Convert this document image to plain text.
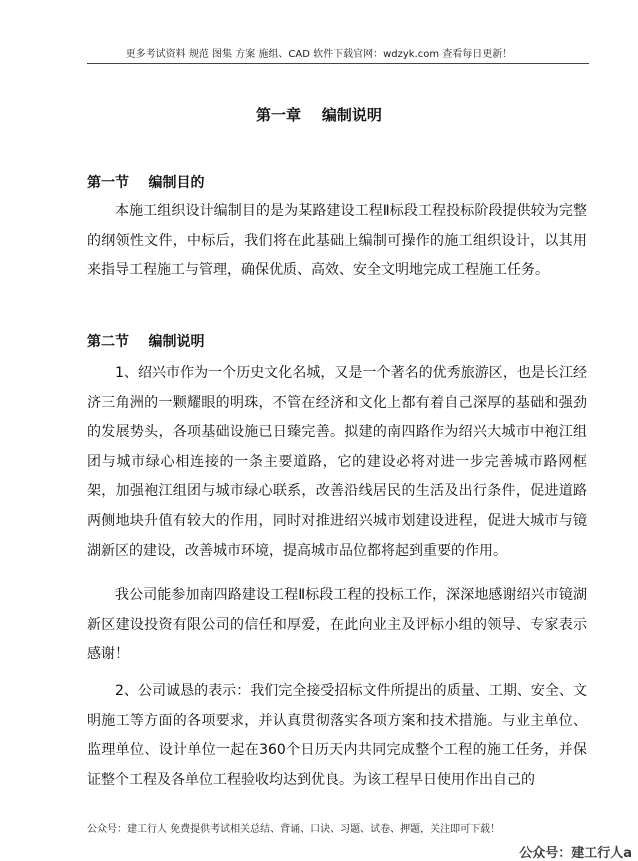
更多考试资料 规范 图集 方案 施组、CAD 软件下载官网：wdzyk.com 查看每日更新！
第一章    编制说明
第一节    编制目的

本施工组织设计编制目的是为某路建设工程Ⅱ标段工程投标阶段提供较为完整的纲领性文件，中标后，我们将在此基础上编制可操作的施工组织设计，以其用来指导工程施工与管理，确保优质、高效、安全文明地完成工程施工任务。

第二节    编制说明

1、绍兴市作为一个历史文化名城，又是一个著名的优秀旅游区，也是长江经济三角洲的一颗耀眼的明珠，不管在经济和文化上都有着自己深厚的基础和强劲的发展势头，各项基础设施已日臻完善。拟建的南四路作为绍兴大城市中袍江组团与城市绿心相连接的一条主要道路，它的建设必将对进一步完善城市路网框架，加强袍江组团与城市绿心联系，改善沿线居民的生活及出行条件，促进道路两侧地块升值有较大的作用，同时对推进绍兴城市划建设进程，促进大城市与镜湖新区的建设，改善城市环境，提高城市品位都将起到重要的作用。

我公司能参加南四路建设工程Ⅱ标段工程的投标工作，深深地感谢绍兴市镜湖新区建设投资有限公司的信任和厚爱，在此向业主及评标小组的领导、专家表示感谢！

2、公司诚恳的表示：我们完全接受招标文件所提出的质量、工期、安全、文明施工等方面的各项要求，并认真贯彻落实各项方案和技术措施。与业主单位、监理单位、设计单位一起在360个日历天内共同完成整个工程的施工任务，并保证整个工程及各单位工程验收均达到优良。为该工程早日使用作出自己的

公众号：建工行人 免费提供考试相关总结、背诵、口诀、习题、试卷、押题，关注即可下载！
公众号：建工行人a
